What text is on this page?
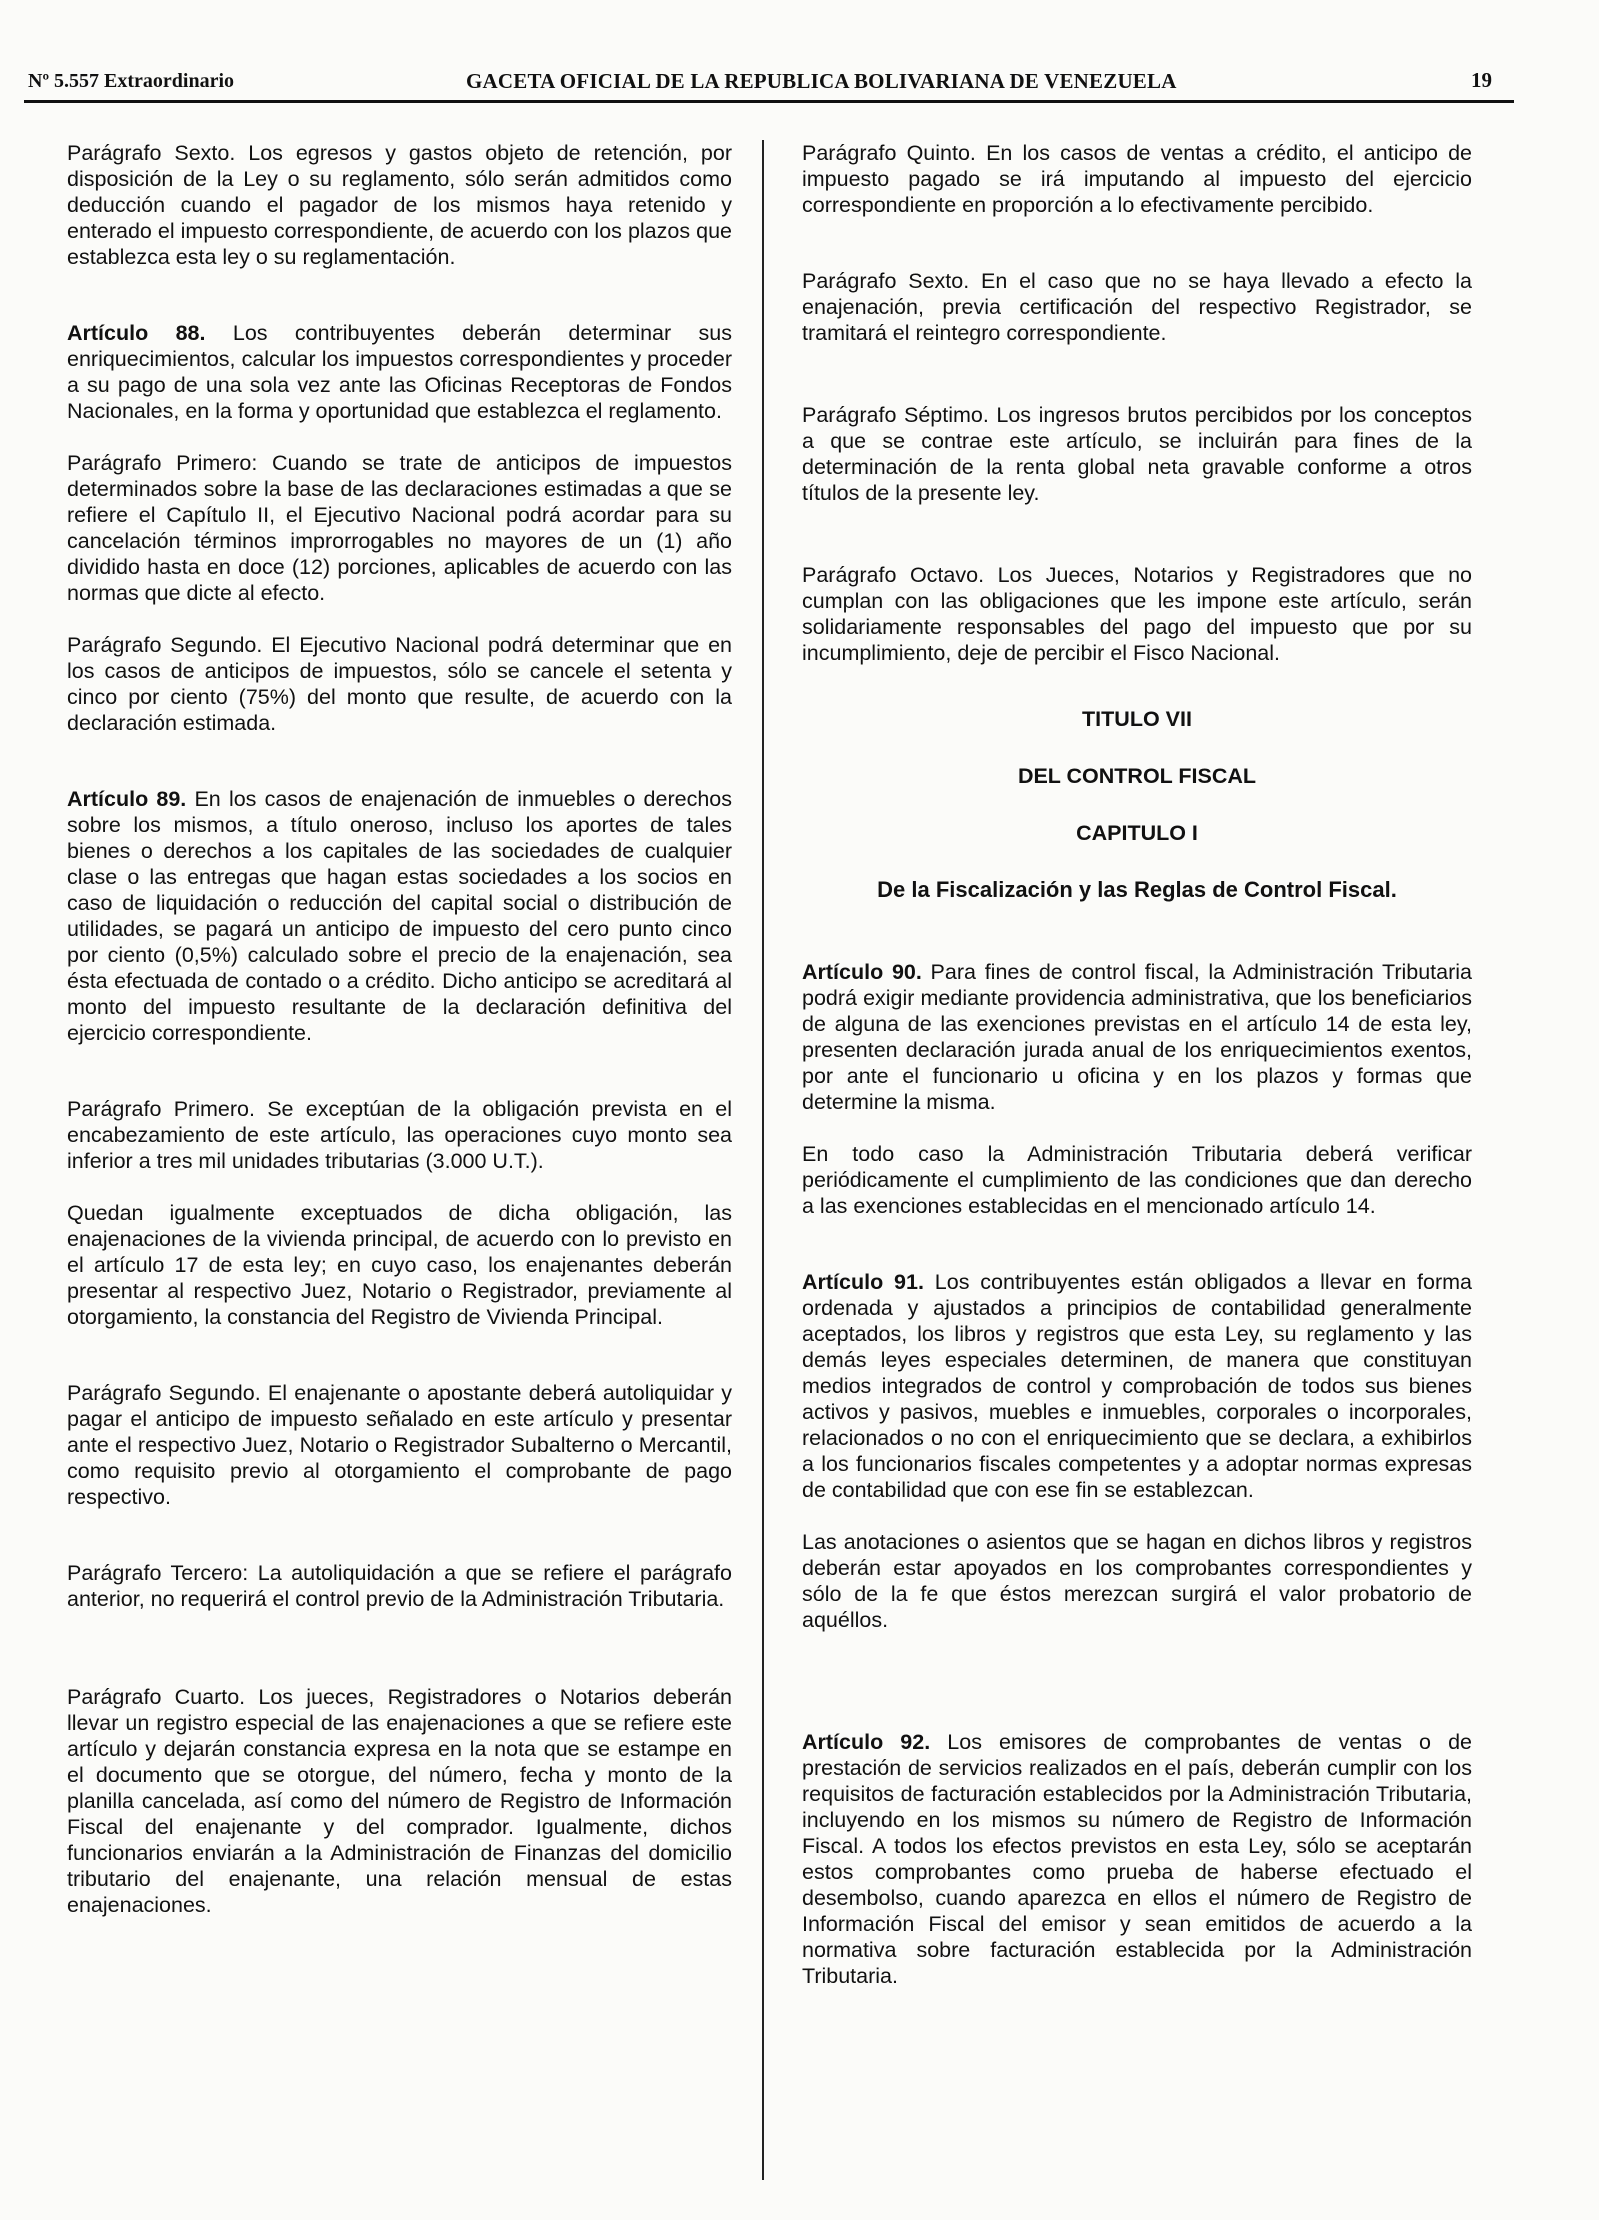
Nº 5.557 Extraordinario	GACETA OFICIAL DE LA REPUBLICA BOLIVARIANA DE VENEZUELA	19

Parágrafo Sexto. Los egresos y gastos objeto de retención, por disposición de la Ley o su reglamento, sólo serán admitidos como deducción cuando el pagador de los mismos haya retenido y enterado el impuesto correspondiente, de acuerdo con los plazos que establezca esta ley o su reglamentación.

Artículo 88. Los contribuyentes deberán determinar sus enriquecimientos, calcular los impuestos correspondientes y proceder a su pago de una sola vez ante las Oficinas Receptoras de Fondos Nacionales, en la forma y oportunidad que establezca el reglamento.

Parágrafo Primero: Cuando se trate de anticipos de impuestos determinados sobre la base de las declaraciones estimadas a que se refiere el Capítulo II, el Ejecutivo Nacional podrá acordar para su cancelación términos improrrogables no mayores de un (1) año dividido hasta en doce (12) porciones, aplicables de acuerdo con las normas que dicte al efecto.

Parágrafo Segundo. El Ejecutivo Nacional podrá determinar que en los casos de anticipos de impuestos, sólo se cancele el setenta y cinco por ciento (75%) del monto que resulte, de acuerdo con la declaración estimada.

Artículo 89. En los casos de enajenación de inmuebles o derechos sobre los mismos, a título oneroso, incluso los aportes de tales bienes o derechos a los capitales de las sociedades de cualquier clase o las entregas que hagan estas sociedades a los socios en caso de liquidación o reducción del capital social o distribución de utilidades, se pagará un anticipo de impuesto del cero punto cinco por ciento (0,5%) calculado sobre el precio de la enajenación, sea ésta efectuada de contado o a crédito. Dicho anticipo se acreditará al monto del impuesto resultante de la declaración definitiva del ejercicio correspondiente.

Parágrafo Primero. Se exceptúan de la obligación prevista en el encabezamiento de este artículo, las operaciones cuyo monto sea inferior a tres mil unidades tributarias (3.000 U.T.).

Quedan igualmente exceptuados de dicha obligación, las enajenaciones de la vivienda principal, de acuerdo con lo previsto en el artículo 17 de esta ley; en cuyo caso, los enajenantes deberán presentar al respectivo Juez, Notario o Registrador, previamente al otorgamiento, la constancia del Registro de Vivienda Principal.

Parágrafo Segundo. El enajenante o apostante deberá autoliquidar y pagar el anticipo de impuesto señalado en este artículo y presentar ante el respectivo Juez, Notario o Registrador Subalterno o Mercantil, como requisito previo al otorgamiento el comprobante de pago respectivo.

Parágrafo Tercero: La autoliquidación a que se refiere el parágrafo anterior, no requerirá el control previo de la Administración Tributaria.

Parágrafo Cuarto. Los jueces, Registradores o Notarios deberán llevar un registro especial de las enajenaciones a que se refiere este artículo y dejarán constancia expresa en la nota que se estampe en el documento que se otorgue, del número, fecha y monto de la planilla cancelada, así como del número de Registro de Información Fiscal del enajenante y del comprador. Igualmente, dichos funcionarios enviarán a la Administración de Finanzas del domicilio tributario del enajenante, una relación mensual de estas enajenaciones.

Parágrafo Quinto. En los casos de ventas a crédito, el anticipo de impuesto pagado se irá imputando al impuesto del ejercicio correspondiente en proporción a lo efectivamente percibido.

Parágrafo Sexto. En el caso que no se haya llevado a efecto la enajenación, previa certificación del respectivo Registrador, se tramitará el reintegro correspondiente.

Parágrafo Séptimo. Los ingresos brutos percibidos por los conceptos a que se contrae este artículo, se incluirán para fines de la determinación de la renta global neta gravable conforme a otros títulos de la presente ley.

Parágrafo Octavo. Los Jueces, Notarios y Registradores que no cumplan con las obligaciones que les impone este artículo, serán solidariamente responsables del pago del impuesto que por su incumplimiento, deje de percibir el Fisco Nacional.

TITULO VII
DEL CONTROL FISCAL
CAPITULO I
De la Fiscalización y las Reglas de Control Fiscal.

Artículo 90. Para fines de control fiscal, la Administración Tributaria podrá exigir mediante providencia administrativa, que los beneficiarios de alguna de las exenciones previstas en el artículo 14 de esta ley, presenten declaración jurada anual de los enriquecimientos exentos, por ante el funcionario u oficina y en los plazos y formas que determine la misma.

En todo caso la Administración Tributaria deberá verificar periódicamente el cumplimiento de las condiciones que dan derecho a las exenciones establecidas en el mencionado artículo 14.

Artículo 91. Los contribuyentes están obligados a llevar en forma ordenada y ajustados a principios de contabilidad generalmente aceptados, los libros y registros que esta Ley, su reglamento y las demás leyes especiales determinen, de manera que constituyan medios integrados de control y comprobación de todos sus bienes activos y pasivos, muebles e inmuebles, corporales o incorporales, relacionados o no con el enriquecimiento que se declara, a exhibirlos a los funcionarios fiscales competentes y a adoptar normas expresas de contabilidad que con ese fin se establezcan.

Las anotaciones o asientos que se hagan en dichos libros y registros deberán estar apoyados en los comprobantes correspondientes y sólo de la fe que éstos merezcan surgirá el valor probatorio de aquéllos.

Artículo 92. Los emisores de comprobantes de ventas o de prestación de servicios realizados en el país, deberán cumplir con los requisitos de facturación establecidos por la Administración Tributaria, incluyendo en los mismos su número de Registro de Información Fiscal. A todos los efectos previstos en esta Ley, sólo se aceptarán estos comprobantes como prueba de haberse efectuado el desembolso, cuando aparezca en ellos el número de Registro de Información Fiscal del emisor y sean emitidos de acuerdo a la normativa sobre facturación establecida por la Administración Tributaria.
